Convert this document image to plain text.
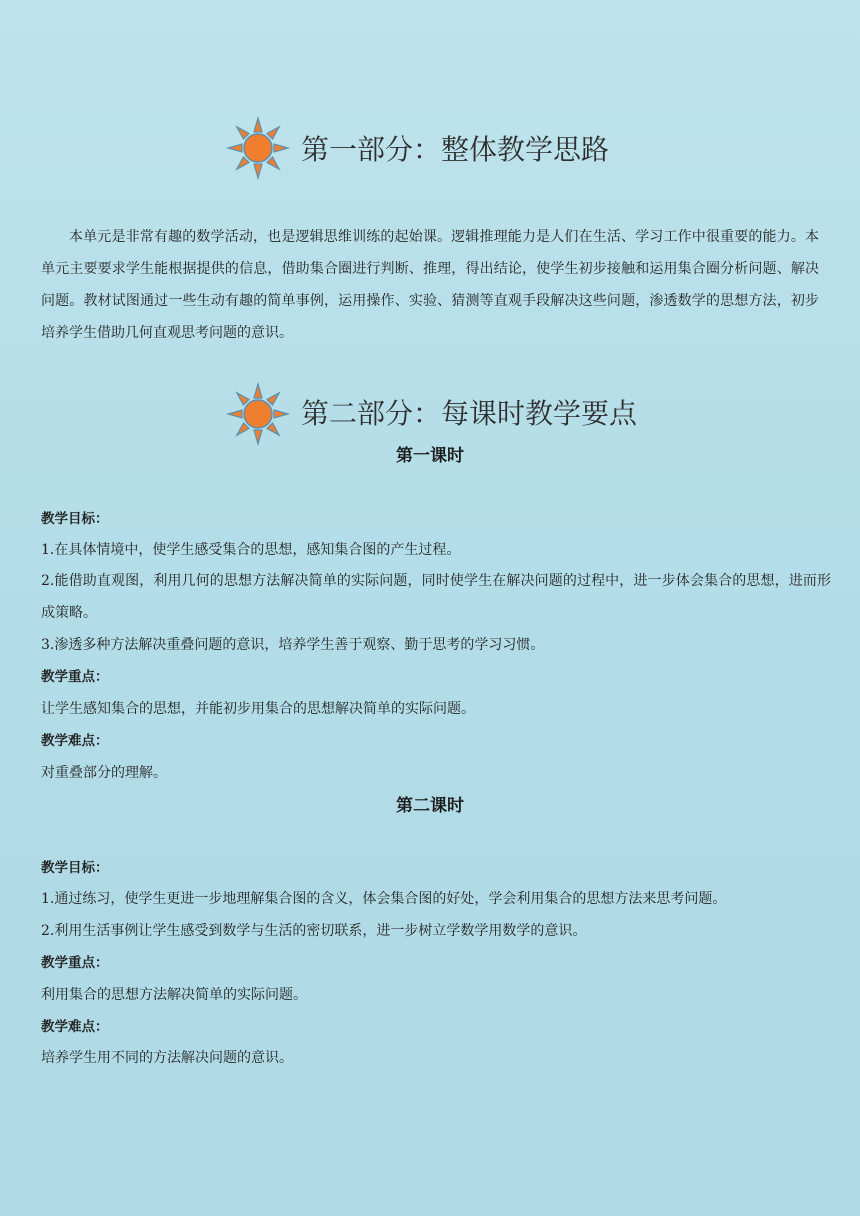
第一部分：整体教学思路

本单元是非常有趣的数学活动，也是逻辑思维训练的起始课。逻辑推理能力是人们在生活、学习工作中很重要的能力。本单元主要要求学生能根据提供的信息，借助集合圈进行判断、推理，得出结论，使学生初步接触和运用集合圈分析问题、解决问题。教材试图通过一些生动有趣的简单事例，运用操作、实验、猜测等直观手段解决这些问题，渗透数学的思想方法，初步培养学生借助几何直观思考问题的意识。

第二部分：每课时教学要点
第一课时
教学目标：
1.在具体情境中，使学生感受集合的思想，感知集合图的产生过程。
2.能借助直观图，利用几何的思想方法解决简单的实际问题，同时使学生在解决问题的过程中，进一步体会集合的思想，进而形成策略。
3.渗透多种方法解决重叠问题的意识，培养学生善于观察、勤于思考的学习习惯。
教学重点：
让学生感知集合的思想，并能初步用集合的思想解决简单的实际问题。
教学难点：
对重叠部分的理解。
第二课时
教学目标：
1.通过练习，使学生更进一步地理解集合图的含义，体会集合图的好处，学会利用集合的思想方法来思考问题。
2.利用生活事例让学生感受到数学与生活的密切联系，进一步树立学数学用数学的意识。
教学重点：
利用集合的思想方法解决简单的实际问题。
教学难点：
培养学生用不同的方法解决问题的意识。
